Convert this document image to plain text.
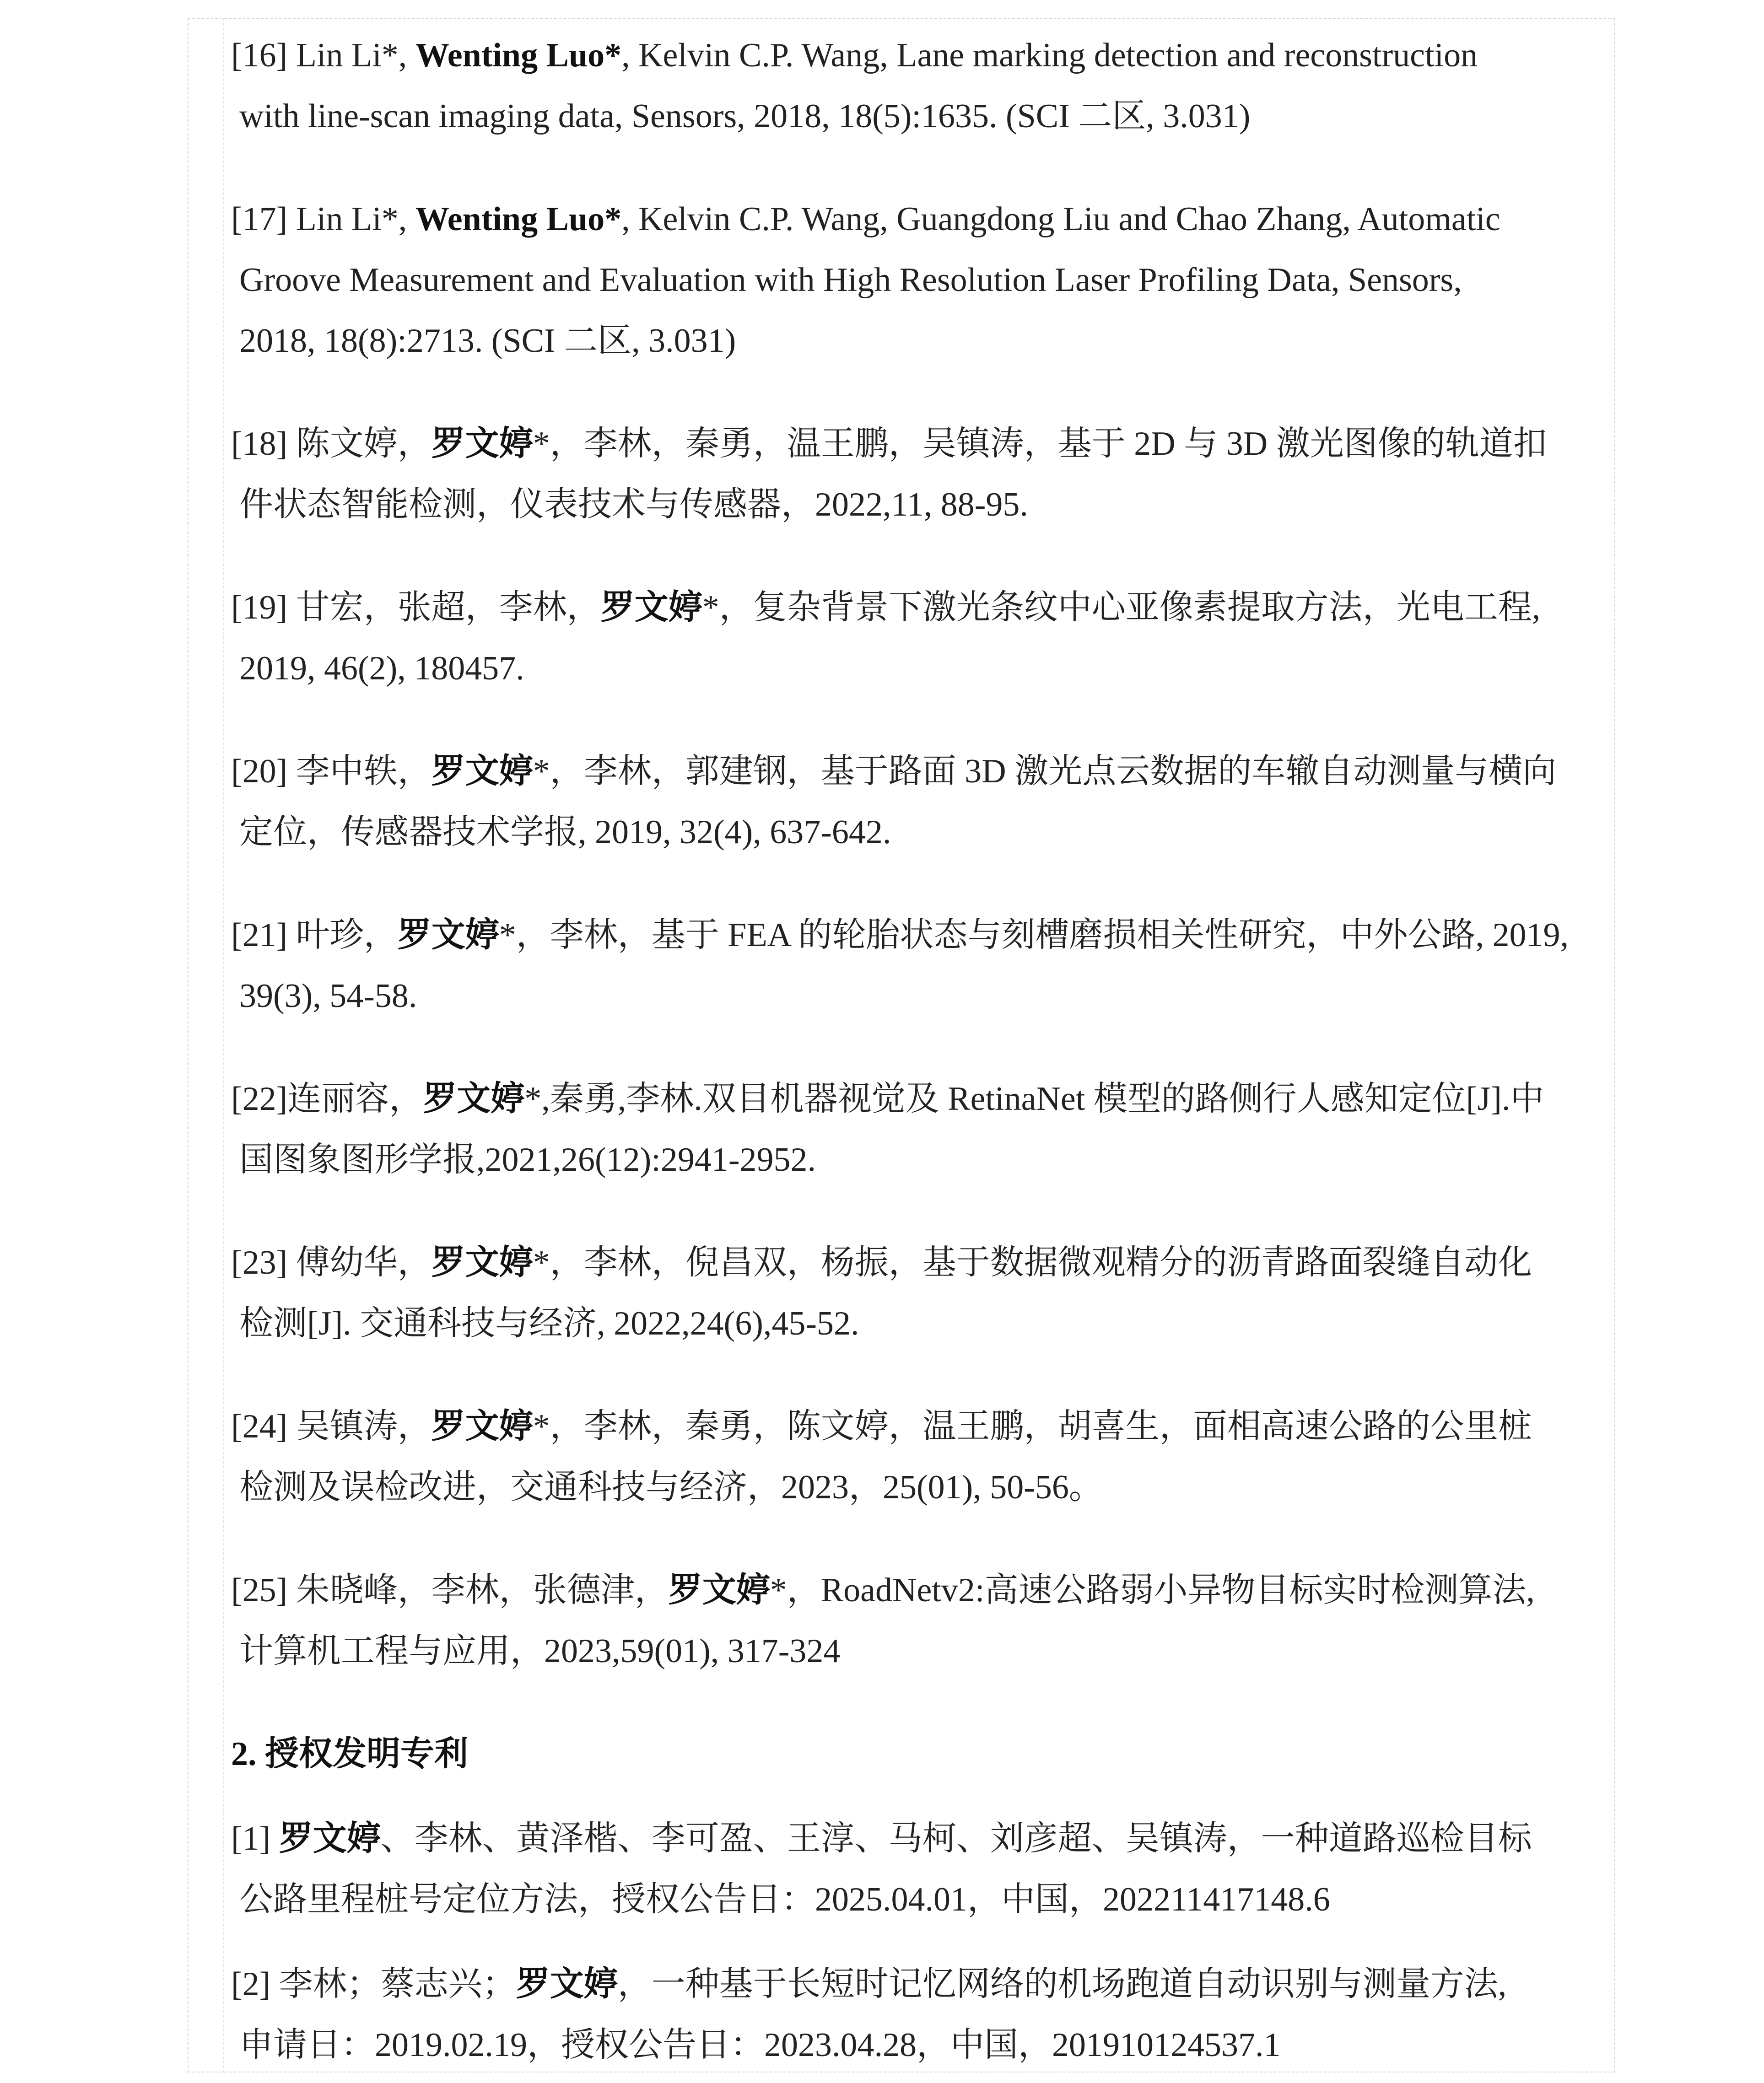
[16] Lin Li*, Wenting Luo*, Kelvin C.P. Wang, Lane marking detection and reconstruction
with line-scan imaging data, Sensors, 2018, 18(5):1635. (SCI 二区, 3.031)
[17] Lin Li*, Wenting Luo*, Kelvin C.P. Wang, Guangdong Liu and Chao Zhang, Automatic
Groove Measurement and Evaluation with High Resolution Laser Profiling Data, Sensors,
2018, 18(8):2713. (SCI 二区, 3.031)
[18] 陈文婷，罗文婷*，李林，秦勇，温王鹏，吴镇涛，基于 2D 与 3D 激光图像的轨道扣
件状态智能检测，仪表技术与传感器，2022,11, 88-95.
[19] 甘宏，张超，李林，罗文婷*，复杂背景下激光条纹中心亚像素提取方法，光电工程,
2019, 46(2), 180457.
[20] 李中轶，罗文婷*，李林，郭建钢，基于路面 3D 激光点云数据的车辙自动测量与横向
定位，传感器技术学报, 2019, 32(4), 637-642.
[21] 叶珍，罗文婷*，李林，基于 FEA 的轮胎状态与刻槽磨损相关性研究，中外公路, 2019,
39(3), 54-58.
[22]连丽容，罗文婷*,秦勇,李林.双目机器视觉及 RetinaNet 模型的路侧行人感知定位[J].中
国图象图形学报,2021,26(12):2941-2952.
[23] 傅幼华，罗文婷*，李林，倪昌双，杨振，基于数据微观精分的沥青路面裂缝自动化
检测[J]. 交通科技与经济, 2022,24(6),45-52.
[24] 吴镇涛，罗文婷*，李林，秦勇，陈文婷，温王鹏，胡喜生，面相高速公路的公里桩
检测及误检改进，交通科技与经济，2023，25(01), 50-56。
[25] 朱晓峰，李林，张德津，罗文婷*，RoadNetv2:高速公路弱小异物目标实时检测算法,
计算机工程与应用，2023,59(01), 317-324
2. 授权发明专利
[1] 罗文婷、李林、黄泽楷、李可盈、王淳、马柯、刘彦超、吴镇涛，一种道路巡检目标
公路里程桩号定位方法，授权公告日：2025.04.01，中国，202211417148.6
[2] 李林；蔡志兴；罗文婷，一种基于长短时记忆网络的机场跑道自动识别与测量方法,
申请日：2019.02.19，授权公告日：2023.04.28，中国，201910124537.1
